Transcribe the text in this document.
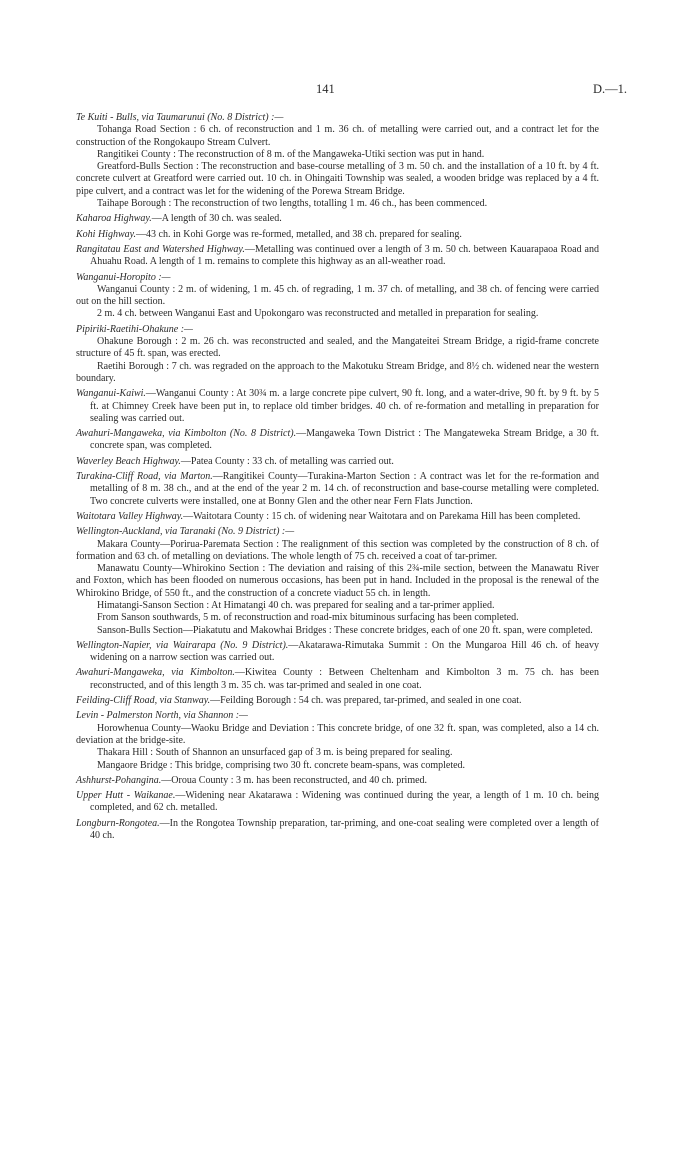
141	D.—1.

Te Kuiti - Bulls, via Taumarunui (No. 8 District) :—

Tohanga Road Section : 6 ch. of reconstruction and 1 m. 36 ch. of metalling were carried out, and a contract let for the construction of the Rongokaupo Stream Culvert.

Rangitikei County : The reconstruction of 8 m. of the Mangaweka-Utiki section was put in hand.

Greatford-Bulls Section : The reconstruction and base-course metalling of 3 m. 50 ch. and the installation of a 10 ft. by 4 ft. concrete culvert at Greatford were carried out. 10 ch. in Ohingaiti Township was sealed, a wooden bridge was replaced by a 4 ft. pipe culvert, and a contract was let for the widening of the Porewa Stream Bridge.

Taihape Borough : The reconstruction of two lengths, totalling 1 m. 46 ch., has been commenced.

Kaharoa Highway.—A length of 30 ch. was sealed.

Kohi Highway.—43 ch. in Kohi Gorge was re-formed, metalled, and 38 ch. prepared for sealing.

Rangitatau East and Watershed Highway.—Metalling was continued over a length of 3 m. 50 ch. between Kauarapaoa Road and Ahuahu Road. A length of 1 m. remains to complete this highway as an all-weather road.

Wanganui-Horopito :—

Wanganui County : 2 m. of widening, 1 m. 45 ch. of regrading, 1 m. 37 ch. of metalling, and 38 ch. of fencing were carried out on the hill section.

2 m. 4 ch. between Wanganui East and Upokongaro was reconstructed and metalled in preparation for sealing.

Pipiriki-Raetihi-Ohakune :—

Ohakune Borough : 2 m. 26 ch. was reconstructed and sealed, and the Mangateitei Stream Bridge, a rigid-frame concrete structure of 45 ft. span, was erected.

Raetihi Borough : 7 ch. was regraded on the approach to the Makotuku Stream Bridge, and 8½ ch. widened near the western boundary.

Wanganui-Kaiwi.—Wanganui County : At 30¾ m. a large concrete pipe culvert, 90 ft. long, and a water-drive, 90 ft. by 9 ft. by 5 ft. at Chimney Creek have been put in, to replace old timber bridges. 40 ch. of re-formation and metalling in preparation for sealing was carried out.

Awahuri-Mangaweka, via Kimbolton (No. 8 District).—Mangaweka Town District : The Mangateweka Stream Bridge, a 30 ft. concrete span, was completed.

Waverley Beach Highway.—Patea County : 33 ch. of metalling was carried out.

Turakina-Cliff Road, via Marton.—Rangitikei County—Turakina-Marton Section : A contract was let for the re-formation and metalling of 8 m. 38 ch., and at the end of the year 2 m. 14 ch. of reconstruction and base-course metalling were completed. Two concrete culverts were installed, one at Bonny Glen and the other near Fern Flats Junction.

Waitotara Valley Highway.—Waitotara County : 15 ch. of widening near Waitotara and on Parekama Hill has been completed.

Wellington-Auckland, via Taranaki (No. 9 District) :—

Makara County—Porirua-Paremata Section : The realignment of this section was completed by the construction of 8 ch. of formation and 63 ch. of metalling on deviations. The whole length of 75 ch. received a coat of tar-primer.

Manawatu County—Whirokino Section : The deviation and raising of this 2¾-mile section, between the Manawatu River and Foxton, which has been flooded on numerous occasions, has been put in hand. Included in the proposal is the renewal of the Whirokino Bridge, of 550 ft., and the construction of a concrete viaduct 55 ch. in length.

Himatangi-Sanson Section : At Himatangi 40 ch. was prepared for sealing and a tar-primer applied.

From Sanson southwards, 5 m. of reconstruction and road-mix bituminous surfacing has been completed.

Sanson-Bulls Section—Piakatutu and Makowhai Bridges : These concrete bridges, each of one 20 ft. span, were completed.

Wellington-Napier, via Wairarapa (No. 9 District).—Akatarawa-Rimutaka Summit : On the Mungaroa Hill 46 ch. of heavy widening on a narrow section was carried out.

Awahuri-Mangaweka, via Kimbolton.—Kiwitea County : Between Cheltenham and Kimbolton 3 m. 75 ch. has been reconstructed, and of this length 3 m. 35 ch. was tar-primed and sealed in one coat.

Feilding-Cliff Road, via Stanway.—Feilding Borough : 54 ch. was prepared, tar-primed, and sealed in one coat.

Levin - Palmerston North, via Shannon :—

Horowhenua County—Waoku Bridge and Deviation : This concrete bridge, of one 32 ft. span, was completed, also a 14 ch. deviation at the bridge-site.

Thakara Hill : South of Shannon an unsurfaced gap of 3 m. is being prepared for sealing.

Mangaore Bridge : This bridge, comprising two 30 ft. concrete beam-spans, was completed.

Ashhurst-Pohangina.—Oroua County : 3 m. has been reconstructed, and 40 ch. primed.

Upper Hutt - Waikanae.—Widening near Akatarawa : Widening was continued during the year, a length of 1 m. 10 ch. being completed, and 62 ch. metalled.

Longburn-Rongotea.—In the Rongotea Township preparation, tar-priming, and one-coat sealing were completed over a length of 40 ch.
